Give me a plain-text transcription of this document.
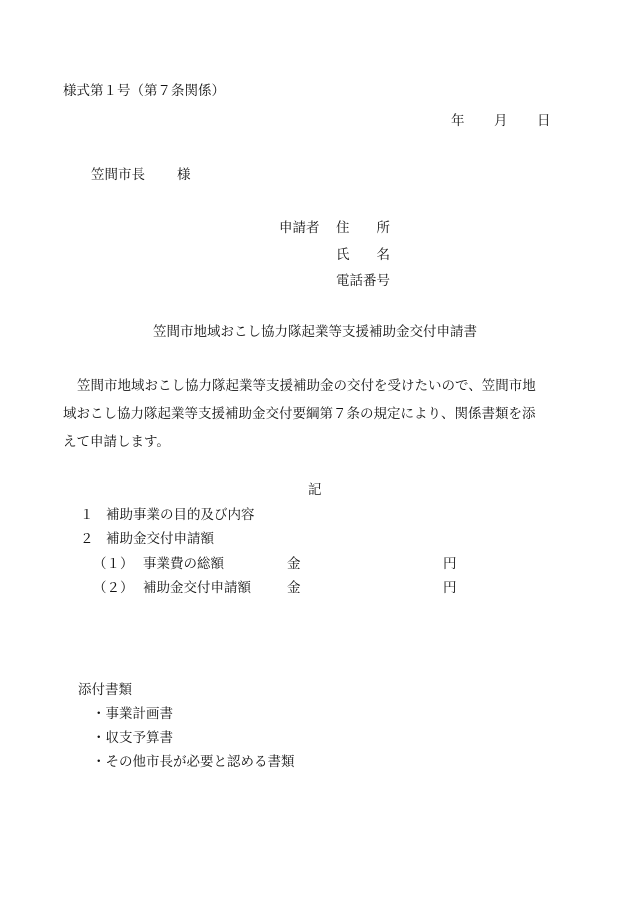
様式第１号（第７条関係）
年 月 日
笠間市長 様
申請者 住　　所
氏　　名
電話番号
笠間市地域おこし協力隊起業等支援補助金交付申請書
笠間市地域おこし協力隊起業等支援補助金の交付を受けたいので、笠間市地
域おこし協力隊起業等支援補助金交付要綱第７条の規定により、関係書類を添
えて申請します。
記
１ 補助事業の目的及び内容
２ 補助金交付申請額
（１） 事業費の総額	金	円
（２） 補助金交付申請額	金	円
添付書類
・事業計画書
・収支予算書
・その他市長が必要と認める書類
